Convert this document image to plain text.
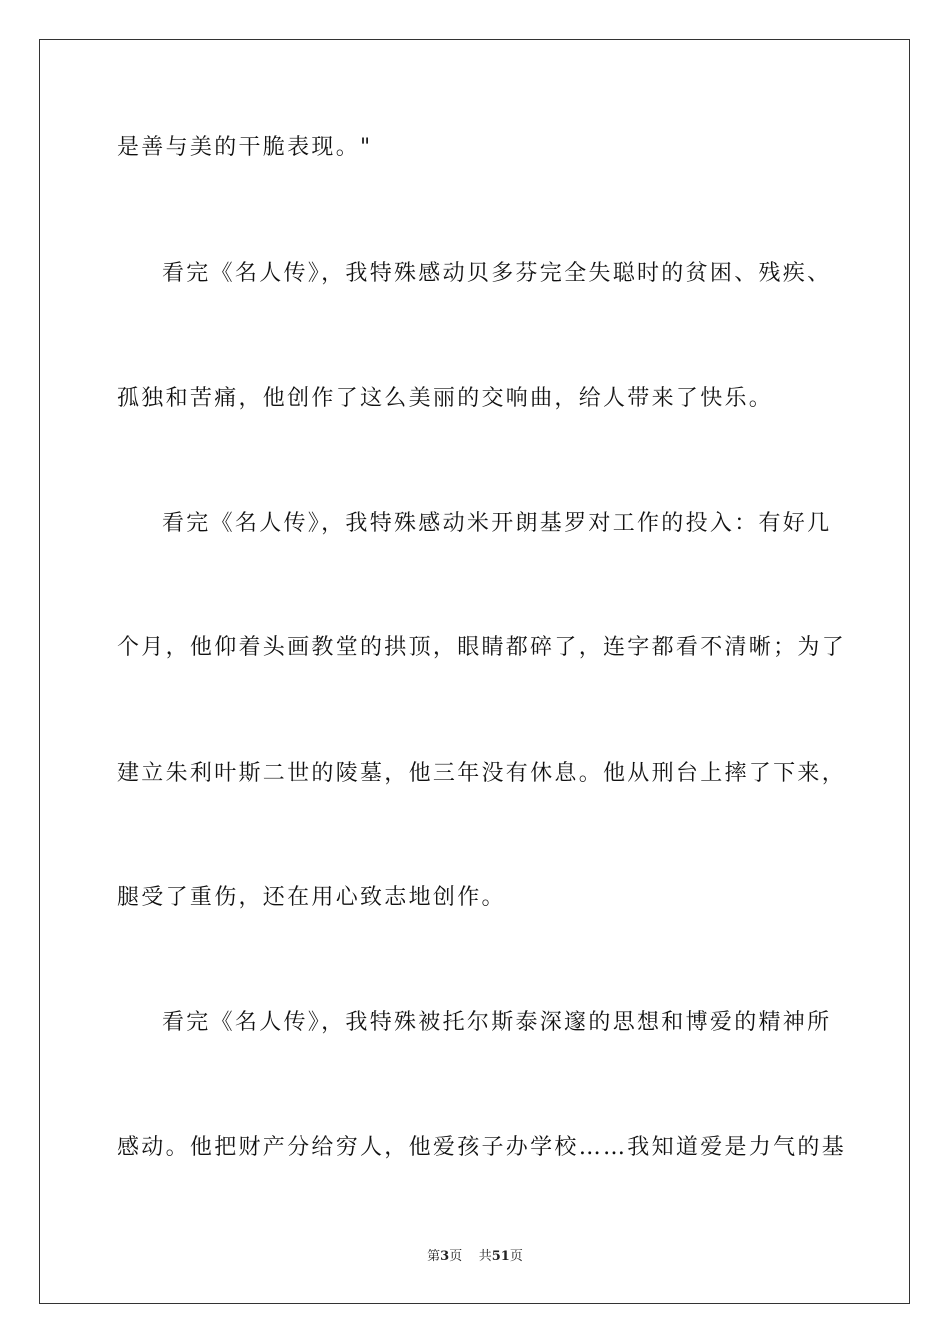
是善与美的干脆表现。"
看完《名人传》，我特殊感动贝多芬完全失聪时的贫困、残疾、
孤独和苦痛，他创作了这么美丽的交响曲，给人带来了快乐。
看完《名人传》，我特殊感动米开朗基罗对工作的投入：有好几
个月，他仰着头画教堂的拱顶，眼睛都碎了，连字都看不清晰；为了
建立朱利叶斯二世的陵墓，他三年没有休息。他从刑台上摔了下来，
腿受了重伤，还在用心致志地创作。
看完《名人传》，我特殊被托尔斯泰深邃的思想和博爱的精神所
感动。他把财产分给穷人，他爱孩子办学校……我知道爱是力气的基
第3页 共51页
